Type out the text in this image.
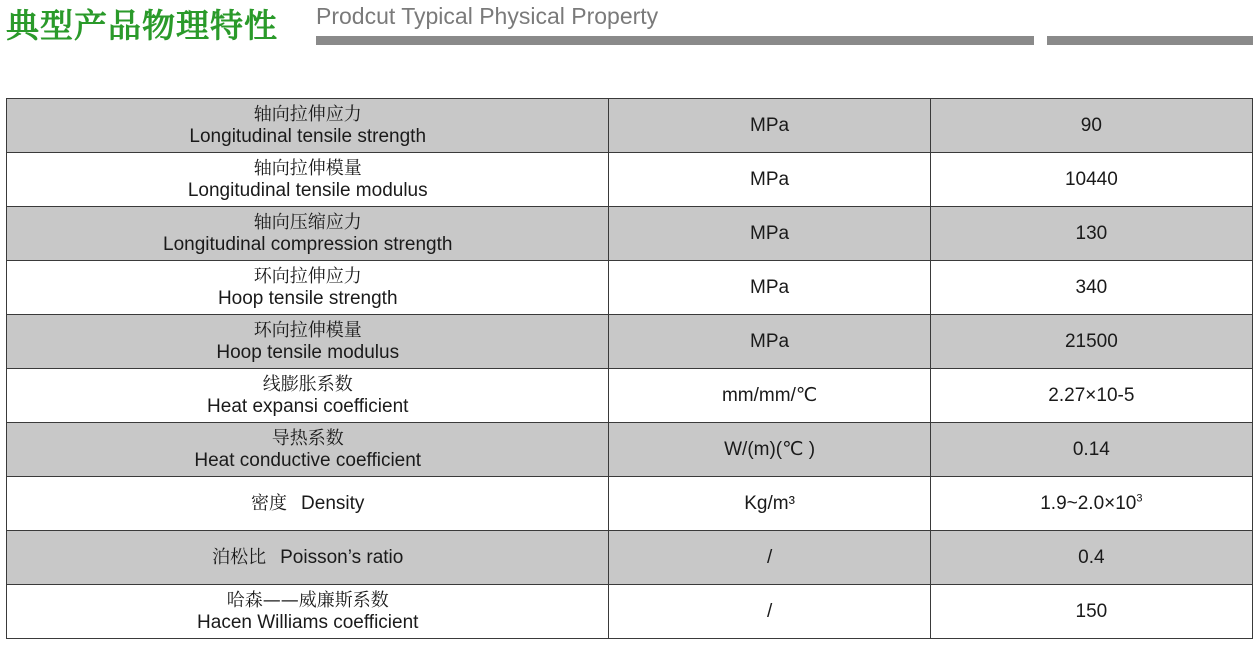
典型产品物理特性 Prodcut Typical Physical Property
轴向拉伸应力
Longitudinal tensile strength	MPa	90

轴向拉伸模量
Longitudinal tensile modulus	MPa	10440

轴向压缩应力
Longitudinal compression strength	MPa	130

环向拉伸应力
Hoop tensile strength	MPa	340

环向拉伸模量
Hoop tensile modulus	MPa	21500

线膨胀系数
Heat expansi coefficient	mm/mm/℃	2.27×10-5

导热系数
Heat conductive coefficient	W/(m)(℃ )	0.14
密度 Density	Kg/m³	$1.9\sim 2.0\times 10^3$
泊松比 Poisson’s ratio	/	0.4

哈森——威廉斯系数
Hacen Williams coefficient	/	150
